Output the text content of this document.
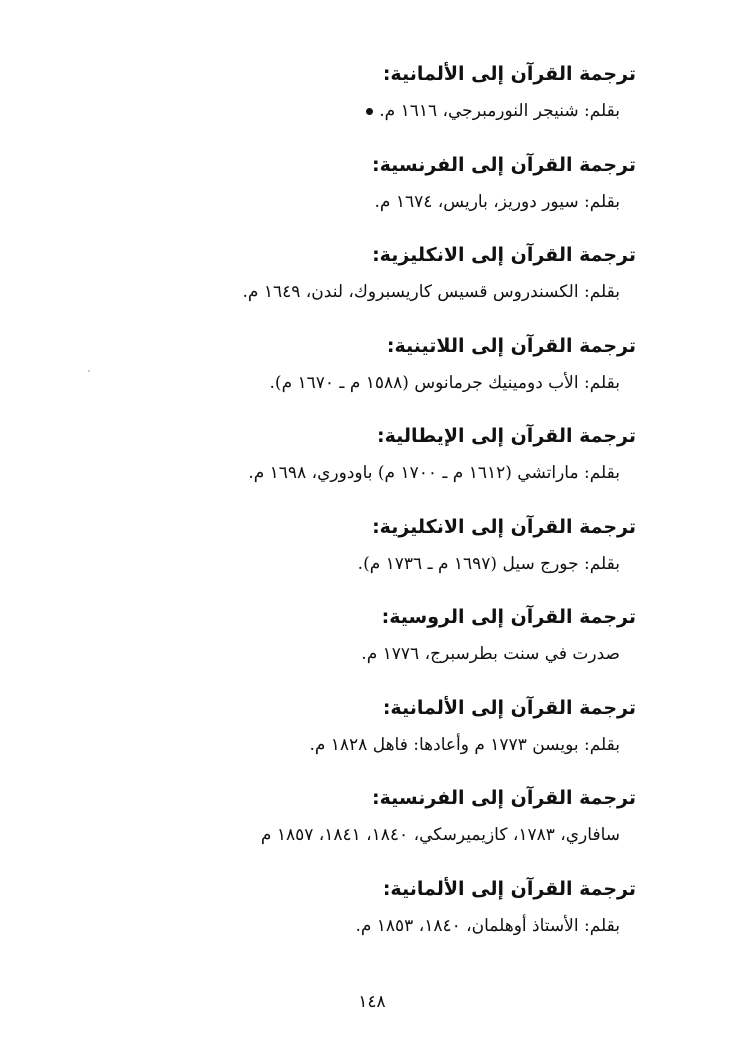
ترجمة القرآن إلى الألمانية:
بقلم: شنيجر النورمبرجي، ١٦١٦ م.
ترجمة القرآن إلى الفرنسية:
بقلم: سيور دوريز، باريس، ١٦٧٤ م.
ترجمة القرآن إلى الانكليزية:
بقلم: الكسندروس قسيس كاريسبروك، لندن، ١٦٤٩ م.
ترجمة القرآن إلى اللاتينية:
بقلم: الأب دومينيك جرمانوس (١٥٨٨ م ـ ١٦٧٠ م).
ترجمة القرآن إلى الإيطالية:
بقلم: ماراتشي (١٦١٢ م ـ ١٧٠٠ م) باودوري، ١٦٩٨ م.
ترجمة القرآن إلى الانكليزية:
بقلم: جورج سيل (١٦٩٧ م ـ ١٧٣٦ م).
ترجمة القرآن إلى الروسية:
صدرت في سنت بطرسبرج، ١٧٧٦ م.
ترجمة القرآن إلى الألمانية:
بقلم: بويسن ١٧٧٣ م وأعادها: فاهل ١٨٢٨ م.
ترجمة القرآن إلى الفرنسية:
سافاري، ١٧٨٣، كازيميرسكي، ١٨٤٠، ١٨٤١، ١٨٥٧ م
ترجمة القرآن إلى الألمانية:
بقلم: الأستاذ أوهلمان، ١٨٤٠، ١٨٥٣ م.
١٤٨
